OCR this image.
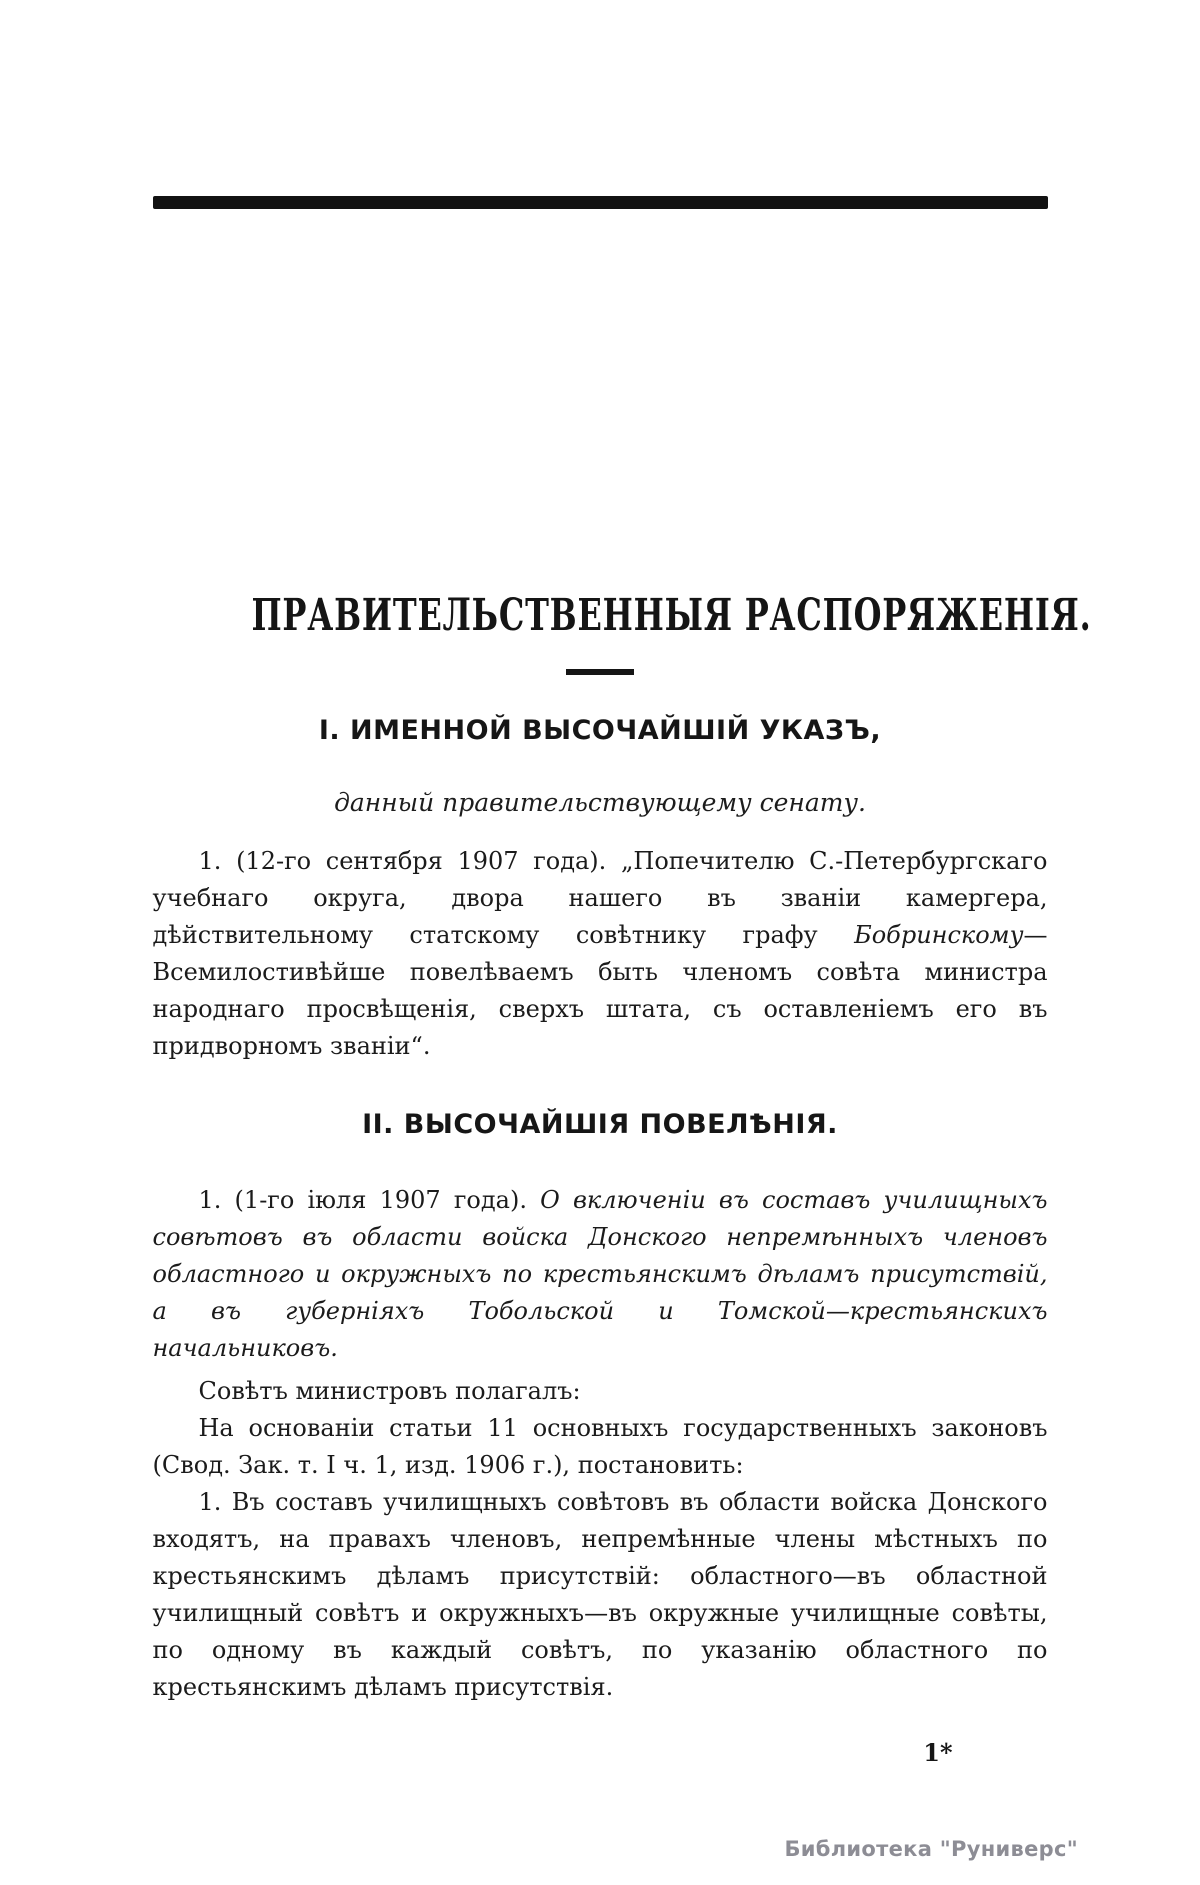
ПРАВИТЕЛЬСТВЕННЫЯ РАСПОРЯЖЕНІЯ.
I. ИМЕННОЙ ВЫСОЧАЙШІЙ УКАЗЪ,
данный правительствующему сенату.

1. (12-го сентября 1907 года). „Попечителю С.-Петербургскаго учебнаго округа, двора нашего въ званіи камергера, дѣйствительному статскому совѣтнику графу Бобринскому—Всемилостивѣйше повелѣваемъ быть членомъ совѣта министра народнаго просвѣщенія, сверхъ штата, съ оставленіемъ его въ придворномъ званіи“.

II. ВЫСОЧАЙШІЯ ПОВЕЛѢНІЯ.

1. (1-го іюля 1907 года). О включеніи въ составъ училищныхъ совѣтовъ въ области войска Донского непремѣнныхъ членовъ областного и окружныхъ по крестьянскимъ дѣламъ присутствій, а въ губерніяхъ Тобольской и Томской—крестьянскихъ начальниковъ.

Совѣтъ министровъ полагалъ:

На основаніи статьи 11 основныхъ государственныхъ законовъ (Свод. Зак. т. I ч. 1, изд. 1906 г.), постановить:

1. Въ составъ училищныхъ совѣтовъ въ области войска Донского входятъ, на правахъ членовъ, непремѣнные члены мѣстныхъ по крестьянскимъ дѣламъ присутствій: областного—въ областной училищный совѣтъ и окружныхъ—въ окружные училищные совѣты, по одному въ каждый совѣтъ, по указанію областного по крестьянскимъ дѣламъ присутствія.

1*
Библиотека "Руниверс"
